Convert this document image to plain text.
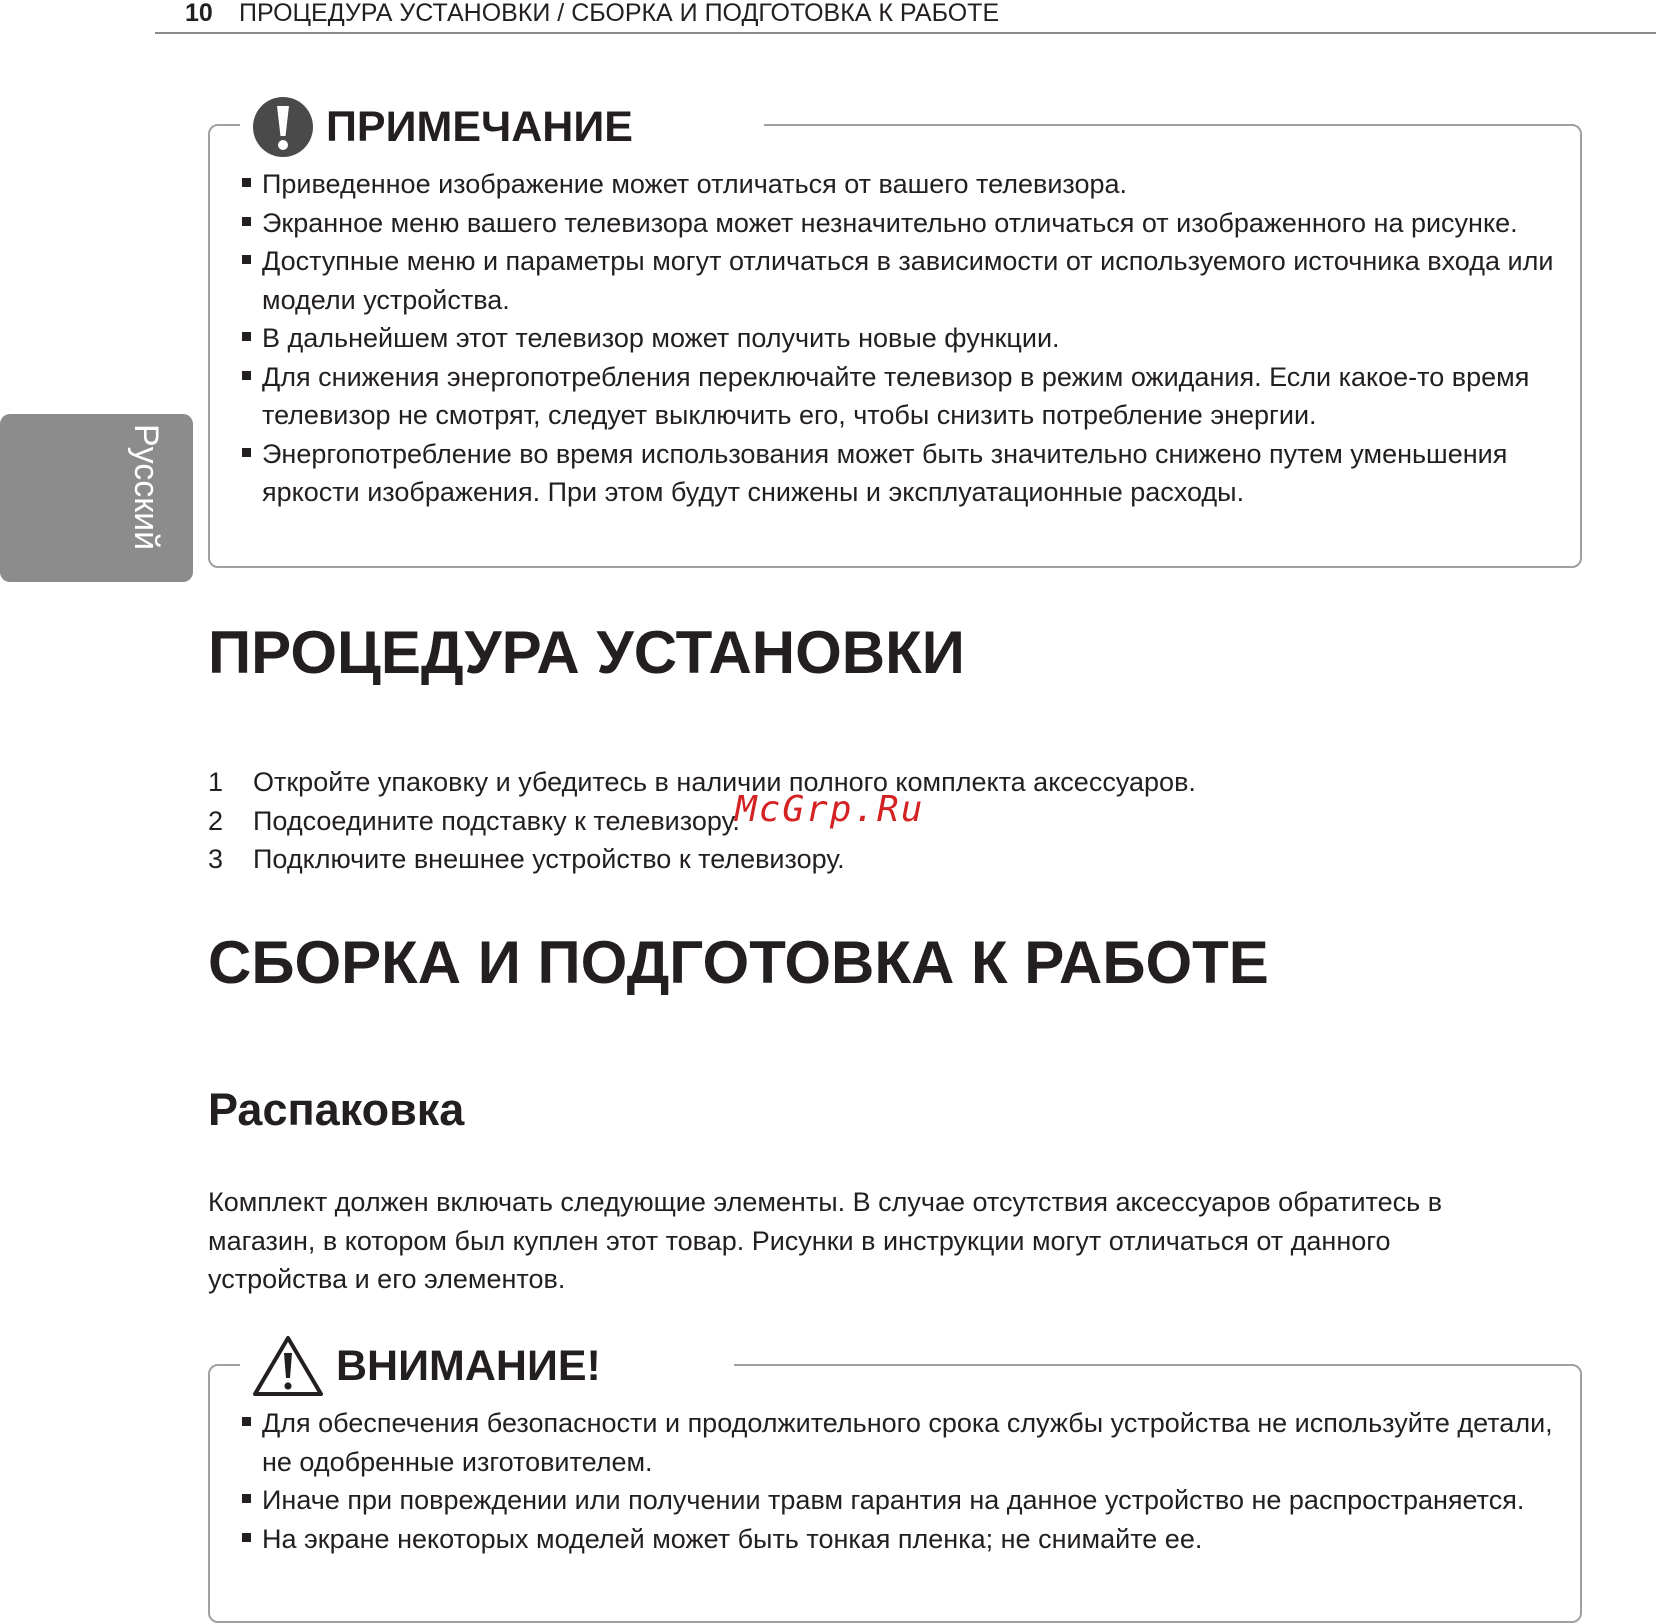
10 ПРОЦЕДУРА УСТАНОВКИ / СБОРКА И ПОДГОТОВКА К РАБОТЕ
Русский
ПРИМЕЧАНИЕ
Приведенное изображение может отличаться от вашего телевизора.
Экранное меню вашего телевизора может незначительно отличаться от изображенного на рисунке.
Доступные меню и параметры могут отличаться в зависимости от используемого источника входа или модели устройства.
В дальнейшем этот телевизор может получить новые функции.
Для снижения энергопотребления переключайте телевизор в режим ожидания. Если какое-то время телевизор не смотрят, следует выключить его, чтобы снизить потребление энергии.
Энергопотребление во время использования может быть значительно снижено путем уменьшения яркости изображения. При этом будут снижены и эксплуатационные расходы.
ПРОЦЕДУРА УСТАНОВКИ
1	Откройте упаковку и убедитесь в наличии полного комплекта аксессуаров.
2	Подсоедините подставку к телевизору.
3	Подключите внешнее устройство к телевизору.
McGrp.Ru
СБОРКА И ПОДГОТОВКА К РАБОТЕ
Распаковка

Комплект должен включать следующие элементы. В случае отсутствия аксессуаров обратитесь в магазин, в котором был куплен этот товар. Рисунки в инструкции могут отличаться от данного устройства и его элементов.

ВНИМАНИЕ!
Для обеспечения безопасности и продолжительного срока службы устройства не используйте детали, не одобренные изготовителем.
Иначе при повреждении или получении травм гарантия на данное устройство не распространяется.
На экране некоторых моделей может быть тонкая пленка; не снимайте ее.
